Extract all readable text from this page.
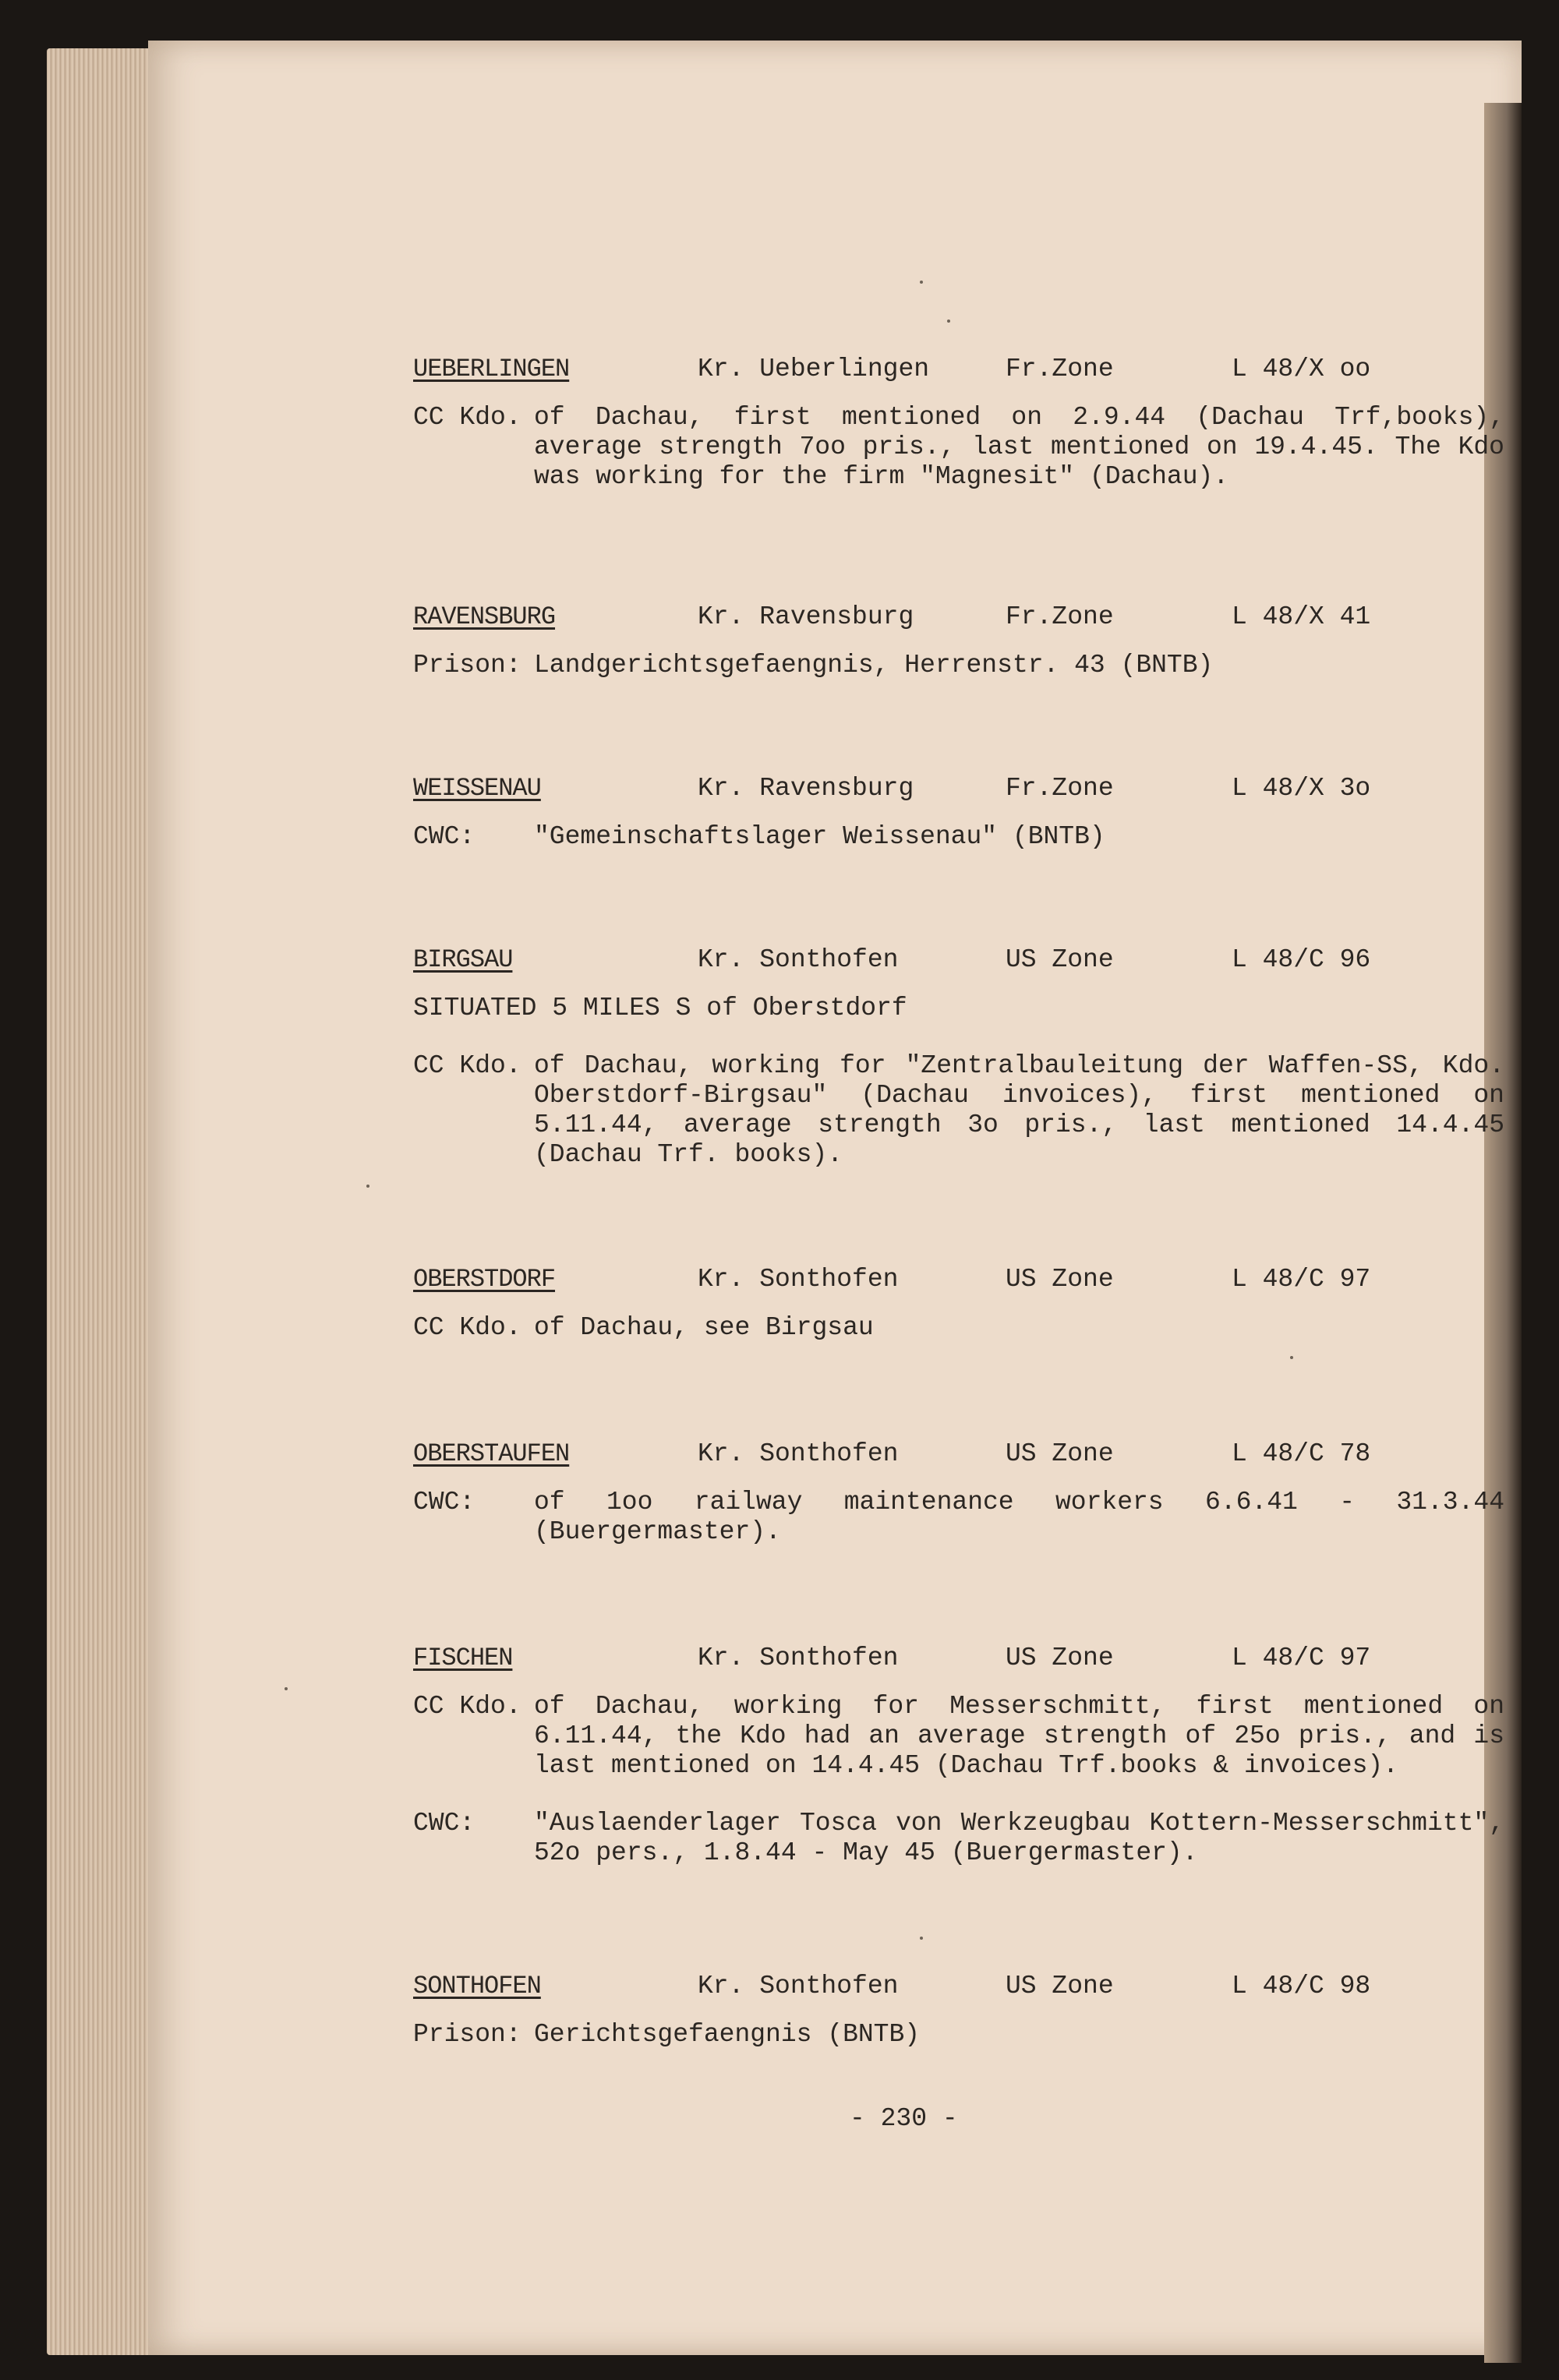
UEBERLINGEN	Kr. Ueberlingen	Fr.Zone	L 48/X oo
CC Kdo. of Dachau, first mentioned on 2.9.44 (Dachau Trf,books), average strength 7oo pris., last mentioned on 19.4.45. The Kdo was working for the firm "Magnesit" (Dachau).
RAVENSBURG	Kr. Ravensburg	Fr.Zone	L 48/X 41
Prison: Landgerichtsgefaengnis, Herrenstr. 43 (BNTB)
WEISSENAU	Kr. Ravensburg	Fr.Zone	L 48/X 3o
CWC: "Gemeinschaftslager Weissenau" (BNTB)
BIRGSAU	Kr. Sonthofen	US Zone	L 48/C 96
SITUATED 5 MILES S of Oberstdorf
CC Kdo. of Dachau, working for "Zentralbauleitung der Waffen-SS, Kdo. Oberstdorf-Birgsau" (Dachau invoices), first mentioned on 5.11.44, average strength 3o pris., last mentioned 14.4.45 (Dachau Trf. books).
OBERSTDORF	Kr. Sonthofen	US Zone	L 48/C 97
CC Kdo. of Dachau, see Birgsau
OBERSTAUFEN	Kr. Sonthofen	US Zone	L 48/C 78
CWC: of 1oo railway maintenance workers 6.6.41 - 31.3.44 (Buergermaster).
FISCHEN	Kr. Sonthofen	US Zone	L 48/C 97
CC Kdo. of Dachau, working for Messerschmitt, first mentioned on 6.11.44, the Kdo had an average strength of 25o pris., and is last mentioned on 14.4.45 (Dachau Trf.books & invoices).
CWC: "Auslaenderlager Tosca von Werkzeugbau Kottern-Messerschmitt", 52o pers., 1.8.44 - May 45 (Buergermaster).
SONTHOFEN	Kr. Sonthofen	US Zone	L 48/C 98
Prison: Gerichtsgefaengnis (BNTB)
- 230 -
